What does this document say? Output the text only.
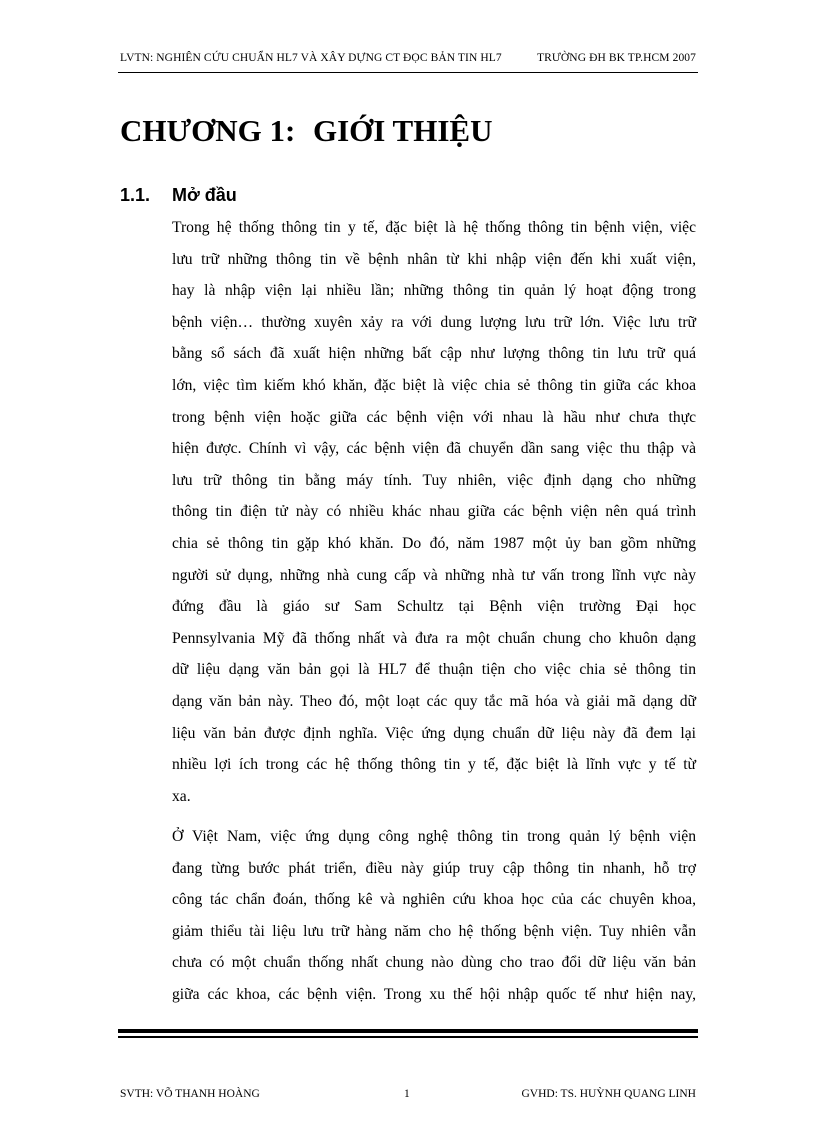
LVTN: NGHIÊN CỨU CHUẨN HL7 VÀ XÂY DỰNG CT ĐỌC BẢN TIN HL7	TRƯỜNG ĐH BK TP.HCM 2007
CHƯƠNG 1: GIỚI THIỆU
1.1. Mở đầu
Trong hệ thống thông tin y tế, đặc biệt là hệ thống thông tin bệnh viện, việc
lưu trữ những thông tin về bệnh nhân từ khi nhập viện đến khi xuất viện,
hay là nhập viện lại nhiều lần; những thông tin quản lý hoạt động trong
bệnh viện… thường xuyên xảy ra với dung lượng lưu trữ lớn. Việc lưu trữ
bằng sổ sách đã xuất hiện những bất cập như lượng thông tin lưu trữ quá
lớn, việc tìm kiếm khó khăn, đặc biệt là việc chia sẻ thông tin giữa các khoa
trong bệnh viện hoặc giữa các bệnh viện với nhau là hầu như chưa thực
hiện được. Chính vì vậy, các bệnh viện đã chuyển dần sang việc thu thập và
lưu trữ thông tin bằng máy tính. Tuy nhiên, việc định dạng cho những
thông tin điện tử này có nhiều khác nhau giữa các bệnh viện nên quá trình
chia sẻ thông tin gặp khó khăn. Do đó, năm 1987 một ủy ban gồm những
người sử dụng, những nhà cung cấp và những nhà tư vấn trong lĩnh vực này
đứng đầu là giáo sư Sam Schultz tại Bệnh viện trường Đại học
Pennsylvania Mỹ đã thống nhất và đưa ra một chuẩn chung cho khuôn dạng
dữ liệu dạng văn bản gọi là HL7 để thuận tiện cho việc chia sẻ thông tin
dạng văn bản này. Theo đó, một loạt các quy tắc mã hóa và giải mã dạng dữ
liệu văn bản được định nghĩa. Việc ứng dụng chuẩn dữ liệu này đã đem lại
nhiều lợi ích trong các hệ thống thông tin y tế, đặc biệt là lĩnh vực y tế từ
xa.
Ở Việt Nam, việc ứng dụng công nghệ thông tin trong quản lý bệnh viện
đang từng bước phát triển, điều này giúp truy cập thông tin nhanh, hỗ trợ
công tác chẩn đoán, thống kê và nghiên cứu khoa học của các chuyên khoa,
giảm thiểu tài liệu lưu trữ hàng năm cho hệ thống bệnh viện. Tuy nhiên vẫn
chưa có một chuẩn thống nhất chung nào dùng cho trao đổi dữ liệu văn bản
giữa các khoa, các bệnh viện. Trong xu thế hội nhập quốc tế như hiện nay,
SVTH: VÕ THANH HOÀNG	1	GVHD: TS. HUỲNH QUANG LINH
